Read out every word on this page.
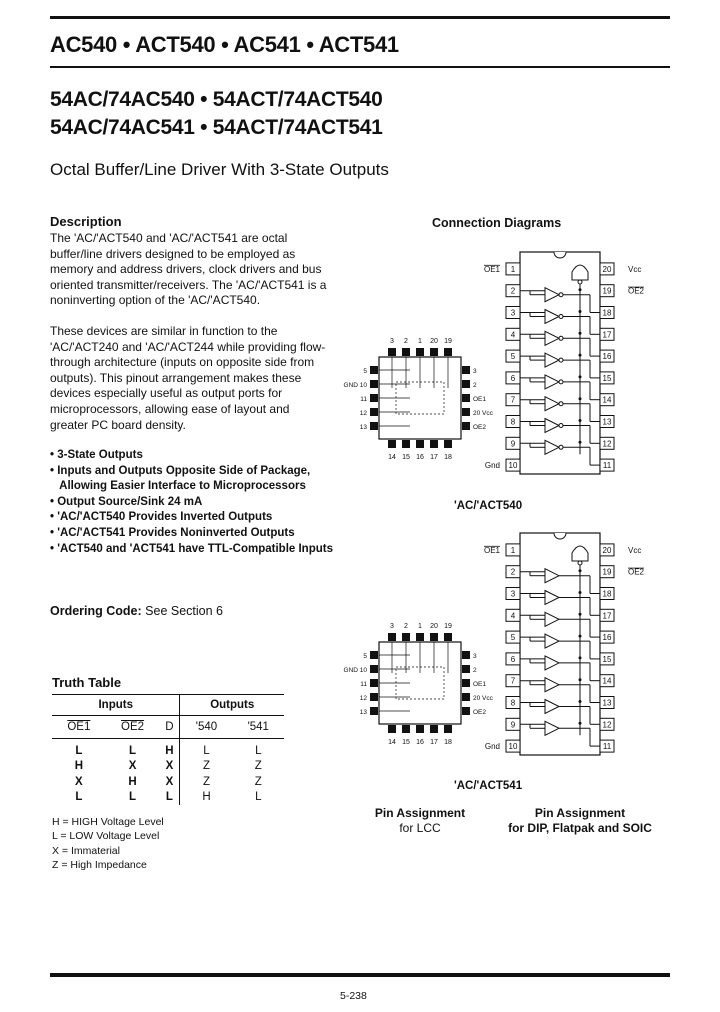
AC540 • ACT540 • AC541 • ACT541
54AC/74AC540 • 54ACT/74ACT540
54AC/74AC541 • 54ACT/74ACT541
Octal Buffer/Line Driver With 3-State Outputs
Description
The 'AC/'ACT540 and 'AC/'ACT541 are octal
buffer/line drivers designed to be employed as
memory and address drivers, clock drivers and bus
oriented transmitter/receivers. The 'AC/'ACT541 is a
noninverting option of the 'AC/'ACT540.
These devices are similar in function to the
'AC/'ACT240 and 'AC/'ACT244 while providing flow-
through architecture (inputs on opposite side from
outputs). This pinout arrangement makes these
devices especially useful as output ports for
microprocessors, allowing ease of layout and
greater PC board density.
• 3-State Outputs
• Inputs and Outputs Opposite Side of Package,
Allowing Easier Interface to Microprocessors
• Output Source/Sink 24 mA
• 'AC/'ACT540 Provides Inverted Outputs
• 'AC/'ACT541 Provides Noninverted Outputs
• 'ACT540 and 'ACT541 have TTL-Compatible Inputs
Ordering Code: See Section 6
Truth Table
Inputs			Outputs	
OE1	OE2	D	'540	'541
L	L	H	L	L
H	X	X	Z	Z
X	H	X	Z	Z
L	L	L	H	L
H = HIGH Voltage Level
L = LOW Voltage Level
X = Immaterial
Z = High Impedance
Connection Diagrams
1	20
2	19
3	18
4	17
5	16
6	15
7	14
8	13
9	12
10	11
OE1
Gnd
Vcc
OE2
1	20
2	19
3	18
4	17
5	16
6	15
7	14
8	13
9	12
10	11
OE1
Gnd
Vcc
OE2
3
14
5	3
2
15
GND 10	2
1
16
11	OE1
20
17
12	20 Vcc
19
18
13	OE2
3
14
5	3
2
15
GND 10	2
1
16
11	OE1
20
17
12	20 Vcc
19
18
13	OE2
'AC/'ACT540
'AC/'ACT541
Pin Assignment
for LCC
Pin Assignment
for DIP, Flatpak and SOIC
5-238
